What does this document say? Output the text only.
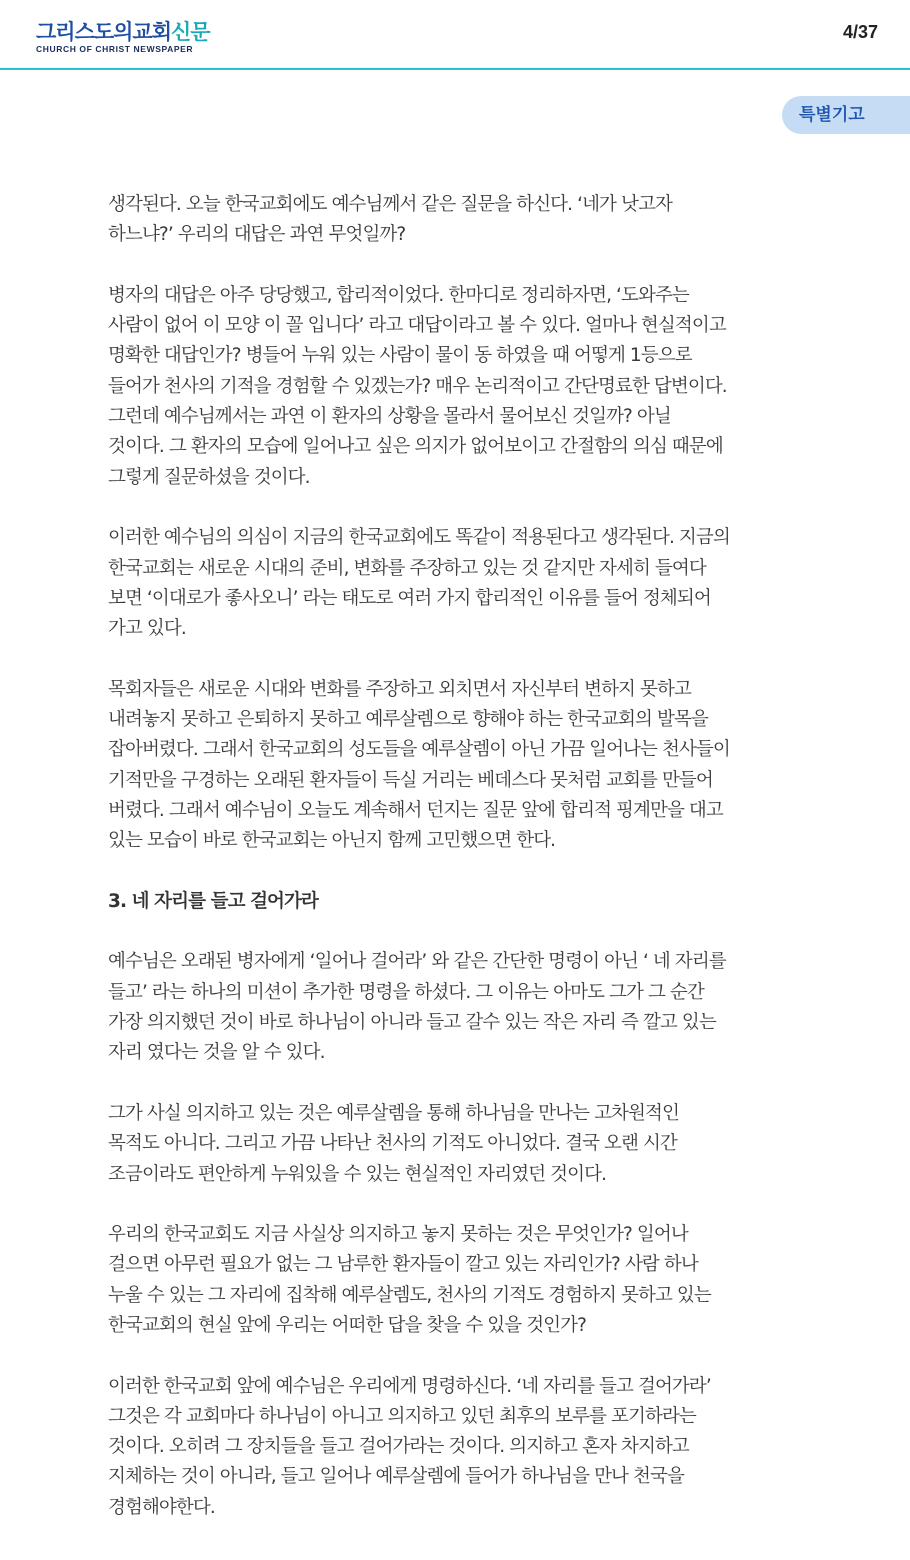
그리스도의교회신문
CHURCH OF CHRIST NEWSPAPER
4/37
특별기고
생각된다. 오늘 한국교회에도 예수님께서 같은 질문을 하신다. ‘네가 낫고자
하느냐?’ 우리의 대답은 과연 무엇일까?
병자의 대답은 아주 당당했고, 합리적이었다. 한마디로 정리하자면, ‘도와주는
사람이 없어 이 모양 이 꼴 입니다’ 라고 대답이라고 볼 수 있다. 얼마나 현실적이고
명확한 대답인가? 병들어 누워 있는 사람이 물이 동 하였을 때 어떻게 1등으로
들어가 천사의 기적을 경험할 수 있겠는가? 매우 논리적이고 간단명료한 답변이다.
그런데 예수님께서는 과연 이 환자의 상황을 몰라서 물어보신 것일까? 아닐
것이다. 그 환자의 모습에 일어나고 싶은 의지가 없어보이고 간절함의 의심 때문에
그렇게 질문하셨을 것이다.
이러한 예수님의 의심이 지금의 한국교회에도 똑같이 적용된다고 생각된다. 지금의
한국교회는 새로운 시대의 준비, 변화를 주장하고 있는 것 같지만 자세히 들여다
보면 ‘이대로가 좋사오니’ 라는 태도로 여러 가지 합리적인 이유를 들어 정체되어
가고 있다.
목회자들은 새로운 시대와 변화를 주장하고 외치면서 자신부터 변하지 못하고
내려놓지 못하고 은퇴하지 못하고 예루살렘으로 향해야 하는 한국교회의 발목을
잡아버렸다. 그래서 한국교회의 성도들을 예루살렘이 아닌 가끔 일어나는 천사들이
기적만을 구경하는 오래된 환자들이 득실 거리는 베데스다 못처럼 교회를 만들어
버렸다. 그래서 예수님이 오늘도 계속해서 던지는 질문 앞에 합리적 핑계만을 대고
있는 모습이 바로 한국교회는 아닌지 함께 고민했으면 한다.
3. 네 자리를 들고 걸어가라
예수님은 오래된 병자에게 ‘일어나 걸어라’ 와 같은 간단한 명령이 아닌 ‘ 네 자리를
들고’ 라는 하나의 미션이 추가한 명령을 하셨다. 그 이유는 아마도 그가 그 순간
가장 의지했던 것이 바로 하나님이 아니라 들고 갈수 있는 작은 자리 즉 깔고 있는
자리 였다는 것을 알 수 있다.
그가 사실 의지하고 있는 것은 예루살렘을 통해 하나님을 만나는 고차원적인
목적도 아니다. 그리고 가끔 나타난 천사의 기적도 아니었다. 결국 오랜 시간
조금이라도 편안하게 누워있을 수 있는 현실적인 자리였던 것이다.
우리의 한국교회도 지금 사실상 의지하고 놓지 못하는 것은 무엇인가? 일어나
걸으면 아무런 필요가 없는 그 남루한 환자들이 깔고 있는 자리인가? 사람 하나
누울 수 있는 그 자리에 집착해 예루살렘도, 천사의 기적도 경험하지 못하고 있는
한국교회의 현실 앞에 우리는 어떠한 답을 찾을 수 있을 것인가?
이러한 한국교회 앞에 예수님은 우리에게 명령하신다. ‘네 자리를 들고 걸어가라’
그것은 각 교회마다 하나님이 아니고 의지하고 있던 최후의 보루를 포기하라는
것이다. 오히려 그 장치들을 들고 걸어가라는 것이다. 의지하고 혼자 차지하고
지체하는 것이 아니라, 들고 일어나 예루살렘에 들어가 하나님을 만나 천국을
경험해야한다.
